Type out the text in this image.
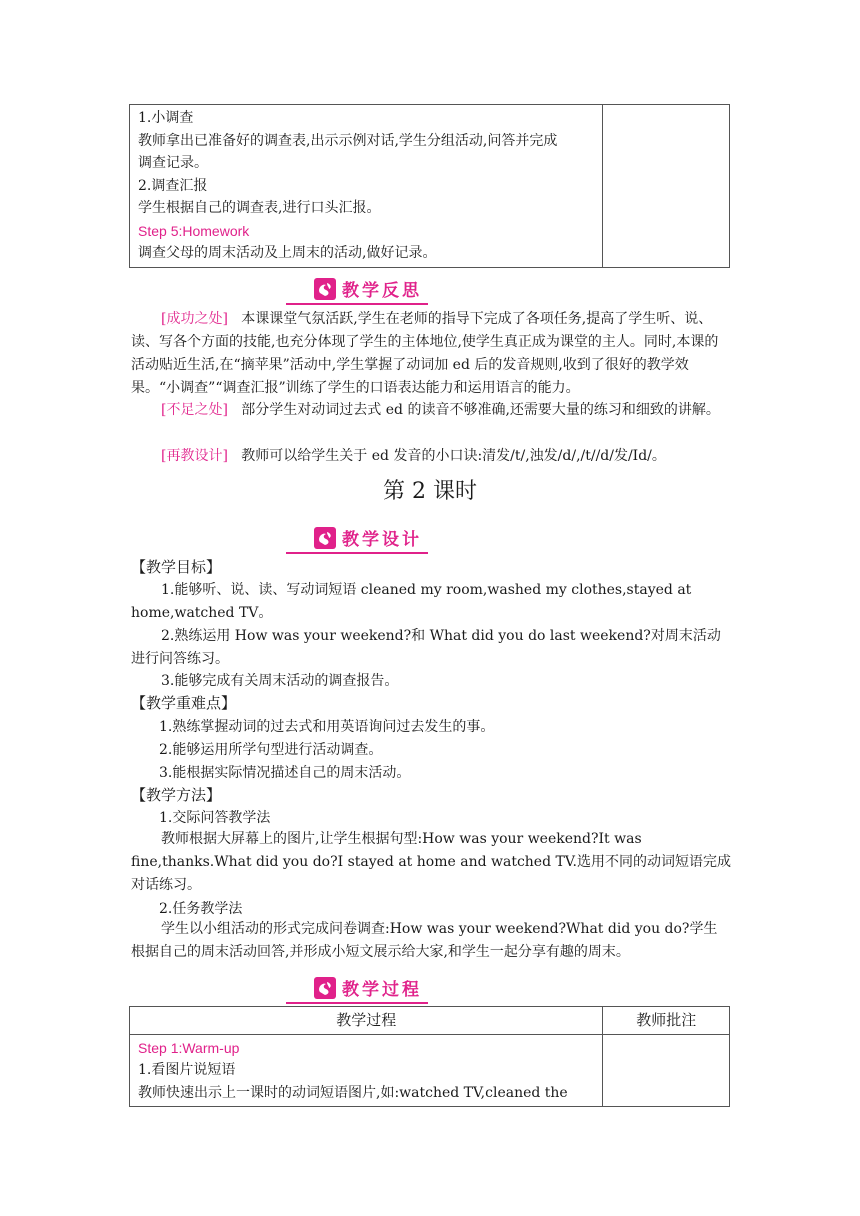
1.小调查
教师拿出已准备好的调查表,出示示例对话,学生分组活动,问答并完成
调查记录。
2.调查汇报
学生根据自己的调查表,进行口头汇报。
Step 5:Homework
调查父母的周末活动及上周末的活动,做好记录。

教学反思
[成功之处] 本课课堂气氛活跃,学生在老师的指导下完成了各项任务,提高了学生听、说、读、写各个方面的技能,也充分体现了学生的主体地位,使学生真正成为课堂的主人。同时,本课的活动贴近生活,在“摘苹果”活动中,学生掌握了动词加 ed 后的发音规则,收到了很好的教学效果。“小调查”“调查汇报”训练了学生的口语表达能力和运用语言的能力。
[不足之处] 部分学生对动词过去式 ed 的读音不够准确,还需要大量的练习和细致的讲解。
[再教设计] 教师可以给学生关于 ed 发音的小口诀:清发/t/,浊发/d/,/t//d/发/Id/。
第 2 课时
教学设计
【教学目标】
1.能够听、说、读、写动词短语 cleaned my room,washed my clothes,stayed at home,watched TV。
2.熟练运用 How was your weekend?和 What did you do last weekend?对周末活动进行问答练习。
3.能够完成有关周末活动的调查报告。
【教学重难点】
1.熟练掌握动词的过去式和用英语询问过去发生的事。
2.能够运用所学句型进行活动调查。
3.能根据实际情况描述自己的周末活动。
【教学方法】
1.交际问答教学法
教师根据大屏幕上的图片,让学生根据句型:How was your weekend?It was fine,thanks.What did you do?I stayed at home and watched TV.选用不同的动词短语完成对话练习。
2.任务教学法
学生以小组活动的形式完成问卷调查:How was your weekend?What did you do?学生根据自己的周末活动回答,并形成小短文展示给大家,和学生一起分享有趣的周末。
教学过程
教学过程	教师批注

Step 1:Warm-up
1.看图片说短语
教师快速出示上一课时的动词短语图片,如:watched TV,cleaned the	
